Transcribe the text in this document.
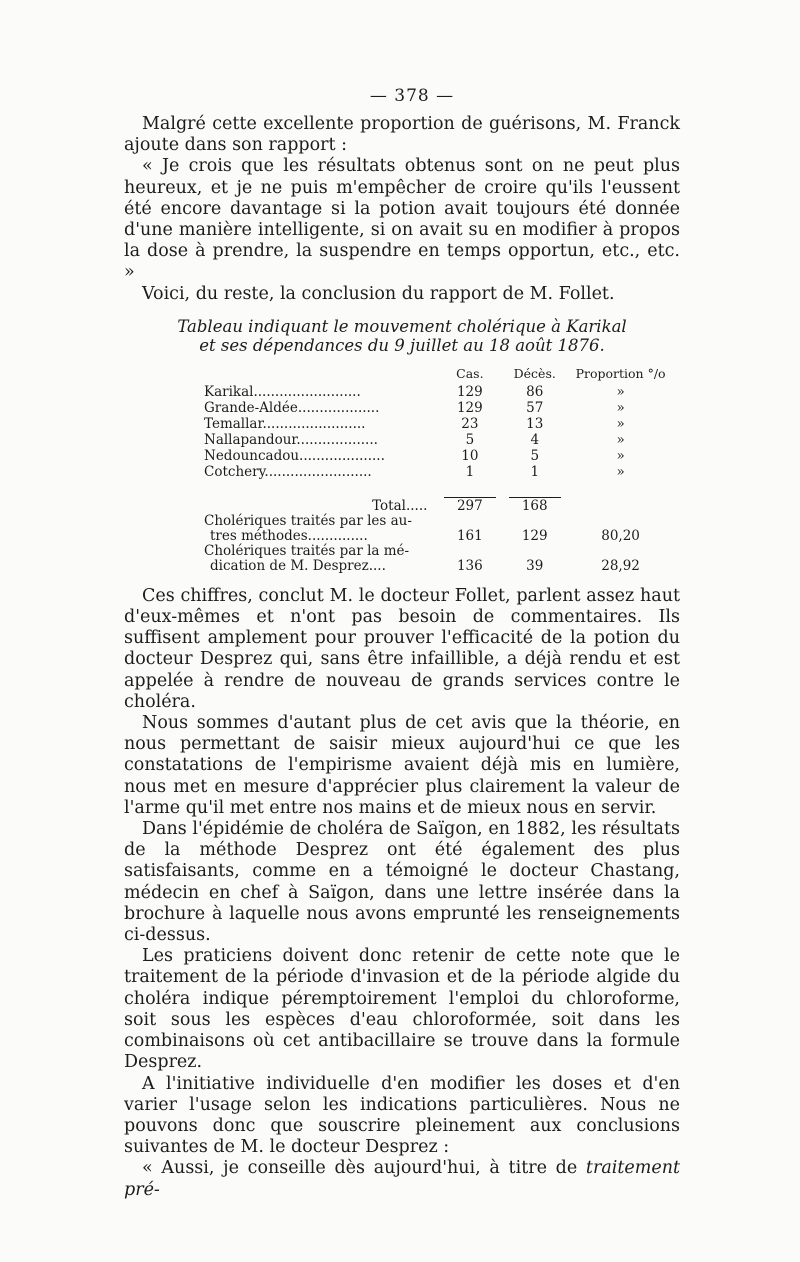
— 378 —

Malgré cette excellente proportion de guérisons, M. Franck ajoute dans son rapport :

« Je crois que les résultats obtenus sont on ne peut plus heureux, et je ne puis m'empêcher de croire qu'ils l'eussent été encore davantage si la potion avait toujours été donnée d'une manière intelligente, si on avait su en modifier à propos la dose à prendre, la suspendre en temps opportun, etc., etc. »

Voici, du reste, la conclusion du rapport de M. Follet.

Tableau indiquant le mouvement cholérique à Karikal
et ses dépendances du 9 juillet au 18 août 1876.
	Cas.	Décès.	Proportion °/o
Karikal.........................	129	86	»
Grande-Aldée...................	129	57	»
Temallar........................	23	13	»
Nallapandour...................	5	4	»
Nedouncadou....................	10	5	»
Cotchery.........................	1	1	»

Total.....	297	168	

Cholériques traités par les au-
tres méthodes..............	161	129	80,20

Cholériques traités par la mé-
dication de M. Desprez....	136	39	28,92

Ces chiffres, conclut M. le docteur Follet, parlent assez haut d'eux-mêmes et n'ont pas besoin de commentaires. Ils suffisent amplement pour prouver l'efficacité de la potion du docteur Desprez qui, sans être infaillible, a déjà rendu et est appelée à rendre de nouveau de grands services contre le choléra.

Nous sommes d'autant plus de cet avis que la théorie, en nous permettant de saisir mieux aujourd'hui ce que les constatations de l'empirisme avaient déjà mis en lumière, nous met en mesure d'apprécier plus clairement la valeur de l'arme qu'il met entre nos mains et de mieux nous en servir.

Dans l'épidémie de choléra de Saïgon, en 1882, les résultats de la méthode Desprez ont été également des plus satisfaisants, comme en a témoigné le docteur Chastang, médecin en chef à Saïgon, dans une lettre insérée dans la brochure à laquelle nous avons emprunté les renseignements ci-dessus.

Les praticiens doivent donc retenir de cette note que le traitement de la période d'invasion et de la période algide du choléra indique péremptoirement l'emploi du chloroforme, soit sous les espèces d'eau chloroformée, soit dans les combinaisons où cet antibacillaire se trouve dans la formule Desprez.

A l'initiative individuelle d'en modifier les doses et d'en varier l'usage selon les indications particulières. Nous ne pouvons donc que souscrire pleinement aux conclusions suivantes de M. le docteur Desprez :

« Aussi, je conseille dès aujourd'hui, à titre de traitement pré-
